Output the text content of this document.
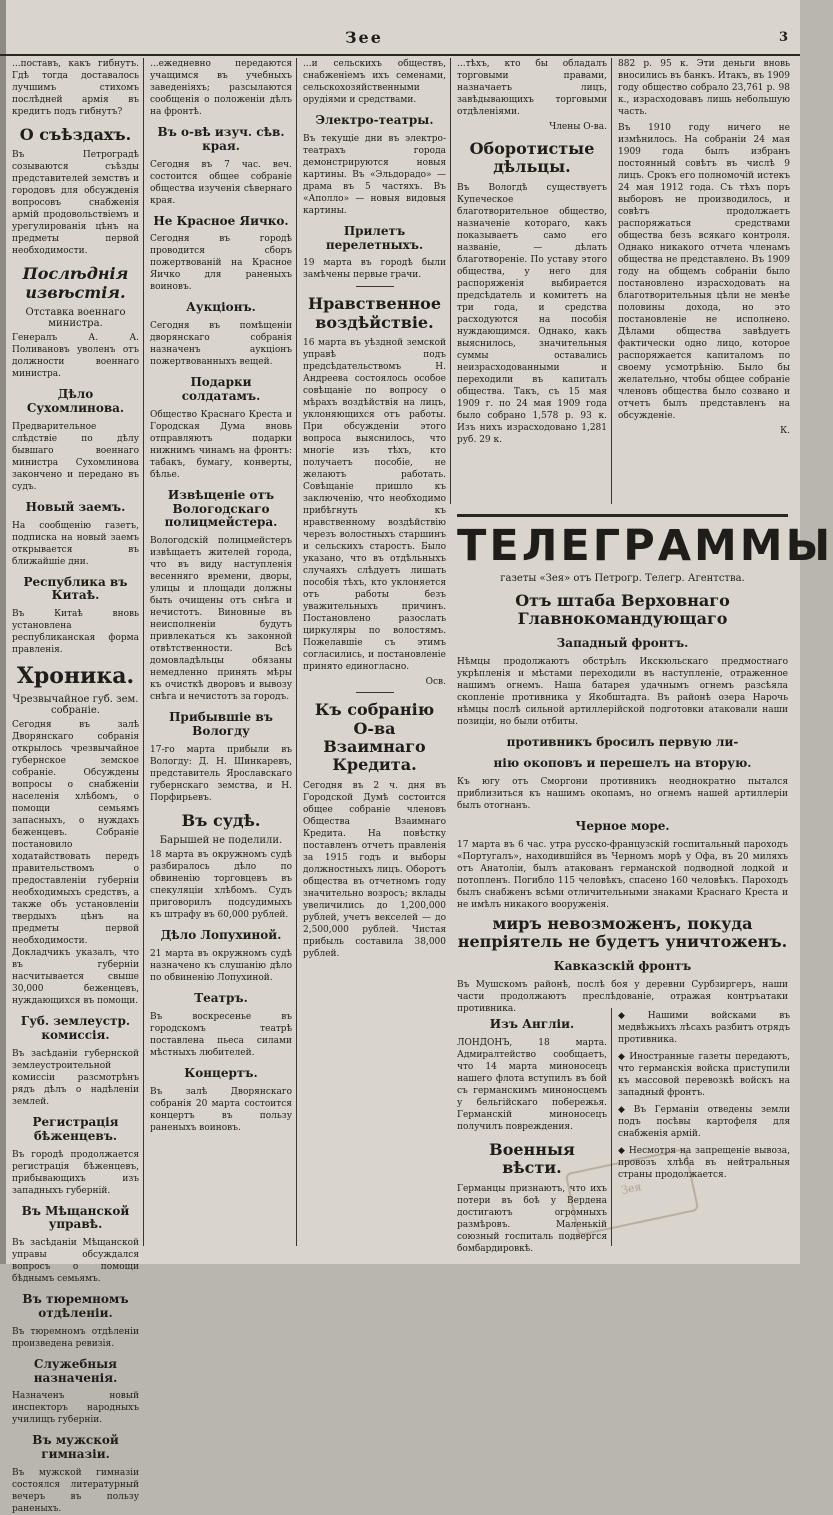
Зее	3

...поставъ, какъ гибнутъ. Гдѣ тогда доставалось лучшимъ стихомъ послѣдней армія въ кредитъ подъ гибнутъ?

О съѣздахъ.

Въ Петроградѣ созываются съѣзды представителей земствъ и городовъ для обсужденія вопросовъ снабженія армій продовольствіемъ и урегулированія цѣнъ на предметы первой необходимости.

Послѣднія извѣстія.
Отставка военнаго министра.

Генералъ А. А. Поливановъ уволенъ отъ должности военнаго министра.

Дѣло Сухомлинова.

Предварительное слѣдствіе по дѣлу бывшаго военнаго министра Сухомлинова закончено и передано въ судъ.

Новый заемъ.

На сообщенію газетъ, подписка на новый заемъ открывается въ ближайшіе дни.

Республика въ Китаѣ.

Въ Китаѣ вновь установлена республиканская форма правленія.

Хроника.
Чрезвычайное губ. зем. собраніе.

Сегодня въ залѣ Дворянскаго собранія открылось чрезвычайное губернское земское собраніе. Обсуждены вопросы о снабженіи населенія хлѣбомъ, о помощи семьямъ запасныхъ, о нуждахъ беженцевъ. Собраніе постановило ходатайствовать передъ правительствомъ о предоставленіи губерніи необходимыхъ средствъ, а также объ установленіи твердыхъ цѣнъ на предметы первой необходимости. Докладчикъ указалъ, что въ губерніи насчитывается свыше 30,000 беженцевъ, нуждающихся въ помощи.

Губ. землеустр. комиссія.

Въ засѣданіи губернской землеустроительной комиссіи разсмотрѣнъ рядъ дѣлъ о надѣленіи землей.

Регистрація бѣженцевъ.

Въ городѣ продолжается регистрація бѣженцевъ, прибывающихъ изъ западныхъ губерній.

Въ Мѣщанской управѣ.

Въ засѣданіи Мѣщанской управы обсуждался вопросъ о помощи бѣднымъ семьямъ.

Въ тюремномъ отдѣленіи.

Въ тюремномъ отдѣленіи произведена ревизія.

Служебныя назначенія.

Назначенъ новый инспекторъ народныхъ училищъ губерніи.

Въ мужской гимназіи.

Въ мужской гимназіи состоялся литературный вечеръ въ пользу раненыхъ.

...ежедневно передаются учащимся въ учебныхъ заведеніяхъ; разсылаются сообщенія о положеніи дѣлъ на фронтѣ.

Въ о-вѣ изуч. сѣв. края.

Сегодня въ 7 час. веч. состоится общее собраніе общества изученія сѣвернаго края.

Не Красное Яичко.

Сегодня въ городѣ проводится сборъ пожертвованій на Красное Яичко для раненыхъ воиновъ.

Аукціонъ.

Сегодня въ помѣщеніи дворянскаго собранія назначенъ аукціонъ пожертвованныхъ вещей.

Подарки солдатамъ.

Общество Краснаго Креста и Городская Дума вновь отправляютъ подарки нижнимъ чинамъ на фронтъ: табакъ, бумагу, конверты, бѣлье.

Извѣщеніе отъ Вологодскаго полицмейстера.

Вологодскій полицмейстеръ извѣщаетъ жителей города, что въ виду наступленія весенняго времени, дворы, улицы и площади должны быть очищены отъ снѣга и нечистотъ. Виновные въ неисполненіи будутъ привлекаться къ законной отвѣтственности. Всѣ домовладѣльцы обязаны немедленно принять мѣры къ очисткѣ дворовъ и вывозу снѣга и нечистотъ за городъ.

Прибывшіе въ Вологду

17-го марта прибыли въ Вологду: Д. Н. Шинкаревъ, представитель Ярославскаго губернскаго земства, и Н. Порфирьевъ.

Въ судѣ.
Барышей не поделили.

18 марта въ окружномъ судѣ разбиралось дѣло по обвиненію торговцевъ въ спекуляціи хлѣбомъ. Судъ приговорилъ подсудимыхъ къ штрафу въ 60,000 рублей.

Дѣло Лопухиной.

21 марта въ окружномъ судѣ назначено къ слушанію дѣло по обвиненію Лопухиной.

Театръ.

Въ воскресенье въ городскомъ театрѣ поставлена пьеса силами мѣстныхъ любителей.

Концертъ.

Въ залѣ Дворянскаго собранія 20 марта состоится концертъ въ пользу раненыхъ воиновъ.

...и сельскихъ обществъ, снабженіемъ ихъ семенами, сельскохозяйственными орудіями и средствами.

Электро-театры.

Въ текущіе дни въ электро-театрахъ города демонстрируются новыя картины. Въ «Эльдорадо» — драма въ 5 частяхъ. Въ «Аполло» — новыя видовыя картины.

Прилетъ перелетныхъ.

19 марта въ городѣ были замѣчены первые грачи.

Нравственное воздѣйствіе.

16 марта въ уѣздной земской управѣ подъ предсѣдательствомъ Н. Андреева состоялось особое совѣщаніе по вопросу о мѣрахъ воздѣйствія на лицъ, уклоняющихся отъ работы. При обсужденіи этого вопроса выяснилось, что многіе изъ тѣхъ, кто получаетъ пособіе, не желаютъ работать. Совѣщаніе пришло къ заключенію, что необходимо прибѣгнуть къ нравственному воздѣйствію черезъ волостныхъ старшинъ и сельскихъ старостъ. Было указано, что въ отдѣльныхъ случаяхъ слѣдуетъ лишать пособія тѣхъ, кто уклоняется отъ работы безъ уважительныхъ причинъ. Постановлено разослать циркуляры по волостямъ. Пожелавшіе съ этимъ согласились, и постановленіе принято единогласно.

Осв.
Къ собранію О-ва Взаимнаго Кредита.

Сегодня въ 2 ч. дня въ Городской Думѣ состоится общее собраніе членовъ Общества Взаимнаго Кредита. На повѣстку поставленъ отчетъ правленія за 1915 годъ и выборы должностныхъ лицъ. Оборотъ общества въ отчетномъ году значительно возросъ; вклады увеличились до 1,200,000 рублей, учетъ векселей — до 2,500,000 рублей. Чистая прибыль составила 38,000 рублей.

...тѣхъ, кто бы обладалъ торговыми правами, назначаетъ лицъ, завѣдывающихъ торговыми отдѣленіями.

Члены О-ва.
Оборотистые дѣльцы.

Въ Вологдѣ существуетъ Купеческое благотворительное общество, назначеніе котораго, какъ показываетъ само его названіе, — дѣлать благотвореніе. По уставу этого общества, у него для распоряженія выбирается предсѣдатель и комитетъ на три года, и средства расходуются на пособія нуждающимся. Однако, какъ выяснилось, значительныя суммы оставались неизрасходованными и переходили въ капиталъ общества. Такъ, съ 15 мая 1909 г. по 24 мая 1909 года было собрано 1,578 р. 93 к. Изъ нихъ израсходовано 1,281 руб. 29 к.

882 р. 95 к. Эти деньги вновь вносились въ банкъ. Итакъ, въ 1909 году общество собрало 23,761 р. 98 к., израсходовавъ лишь небольшую часть.

Въ 1910 году ничего не измѣнилось. На собраніи 24 мая 1909 года былъ избранъ постоянный совѣтъ въ числѣ 9 лицъ. Срокъ его полномочій истекъ 24 мая 1912 года. Съ тѣхъ поръ выборовъ не производилось, и совѣтъ продолжаетъ распоряжаться средствами общества безъ всякаго контроля. Однако никакого отчета членамъ общества не представлено. Въ 1909 году на общемъ собраніи было постановлено израсходовать на благотворительныя цѣли не менѣе половины дохода, но это постановленіе не исполнено. Дѣлами общества завѣдуетъ фактически одно лицо, которое распоряжается капиталомъ по своему усмотрѣнію. Было бы желательно, чтобы общее собраніе членовъ общества было созвано и отчетъ былъ представленъ на обсужденіе.

К.
ТЕЛЕГРАММЫ
газеты «Зея» отъ Петрогр. Телегр. Агентства.
Отъ штаба Верховнаго Главнокомандующаго
Западный фронтъ.

Нѣмцы продолжаютъ обстрѣлъ Икскюльскаго предмостнаго укрѣпленія и мѣстами переходили въ наступленіе, отраженное нашимъ огнемъ. Наша батарея удачнымъ огнемъ разсѣяла скопленіе противника у Якобштадта. Въ районѣ озера Нарочь нѣмцы послѣ сильной артиллерійской подготовки атаковали наши позиціи, но были отбиты.

противникъ бросилъ первую ли-
нію окоповъ и перешелъ на вторую.

Къ югу отъ Сморгони противникъ неоднократно пытался приблизиться къ нашимъ окопамъ, но огнемъ нашей артиллеріи былъ отогнанъ.

Черное море.

17 марта въ 6 час. утра русско-французскій госпитальный пароходъ «Португалъ», находившійся въ Черномъ морѣ у Офа, въ 20 миляхъ отъ Анатоліи, былъ атакованъ германской подводной лодкой и потопленъ. Погибло 115 человѣкъ, спасено 160 человѣкъ. Пароходъ былъ снабженъ всѣми отличительными знаками Краснаго Креста и не имѣлъ никакого вооруженія.

миръ невозможенъ, покуда
непріятель не будетъ уничтоженъ.
Кавказскій фронтъ

Въ Мушскомъ районѣ, послѣ боя у деревни Сурбзиргеръ, наши части продолжаютъ преслѣдованіе, отражая контръатаки противника.

Изъ Англіи.

ЛОНДОНЪ, 18 марта. Адмиралтейство сообщаетъ, что 14 марта миноносецъ нашего флота вступилъ въ бой съ германскимъ миноносцемъ у бельгійскаго побережья. Германскій миноносецъ получилъ повреждения.

Военныя вѣсти.

Германцы признаютъ, что ихъ потери въ боѣ у Вердена достигаютъ огромныхъ размѣровъ. Маленькій союзный госпиталь подвергся бомбардировкѣ.

◆ Нашими войсками въ медвѣжьихъ лѣсахъ разбитъ отрядъ противника.

◆ Иностранные газеты передаютъ, что германскія войска приступили къ массовой перевозкѣ войскъ на западный фронтъ.

◆ Въ Германіи отведены земли подъ посѣвы картофеля для снабженія армій.

◆ Несмотря на запрещеніе вывоза, провозъ хлѣба въ нейтральныя страны продолжается.

Зея
